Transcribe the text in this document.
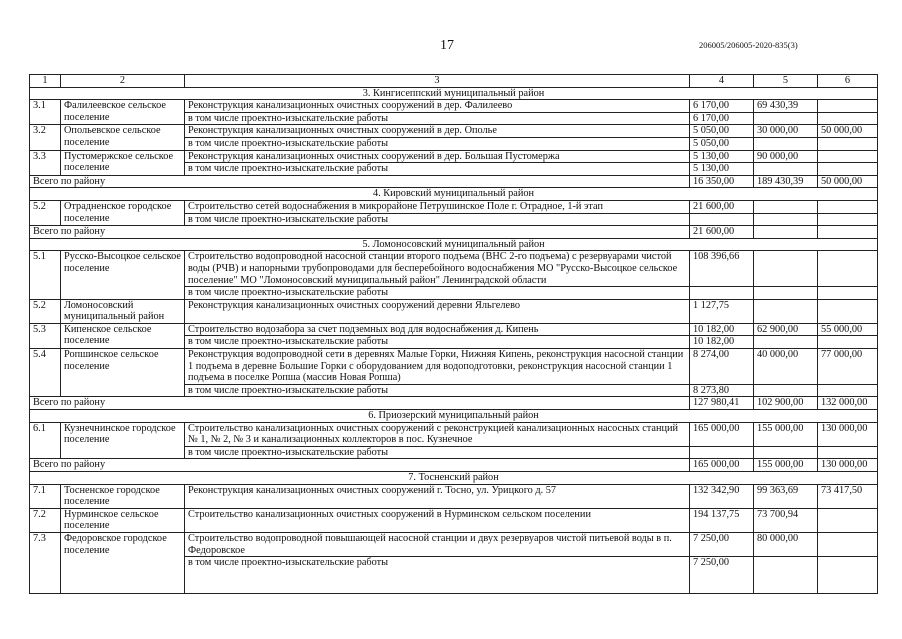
17	206005/206005-2020-835(3)
1	2	3	4	5	6
3. Кингисеппский муниципальный район					
3.1	Фалилеевское сельское поселение	Реконструкция канализационных очистных сооружений в дер. Фалилеево	6 170,00	69 430,39	
		в том числе проектно-изыскательские работы	6 170,00		
3.2	Опольевское сельское поселение	Реконструкция канализационных очистных сооружений в дер. Ополье	5 050,00	30 000,00	50 000,00
		в том числе проектно-изыскательские работы	5 050,00		
3.3	Пустомержское сельское поселение	Реконструкция канализационных очистных сооружений в дер. Большая Пустомержа	5 130,00	90 000,00	
		в том числе проектно-изыскательские работы	5 130,00		
Всего по району			16 350,00	189 430,39	50 000,00
4. Кировский муниципальный район					
5.2	Отрадненское городское поселение	Строительство сетей водоснабжения в микрорайоне Петрушинское Поле г. Отрадное, 1-й этап	21 600,00		
		в том числе проектно-изыскательские работы			
Всего по району			21 600,00		
5. Ломоносовский муниципальный район					
5.1	Русско-Высоцкое сельское поселение	Строительство водопроводной насосной станции второго подъема (ВНС 2-го подъема) с резервуарами чистой воды (РЧВ) и напорными трубопроводами для бесперебойного водоснабжения МО "Русско-Высоцкое сельское поселение" МО "Ломоносовский муниципальный район" Ленинградской области	108 396,66		
		в том числе проектно-изыскательские работы			
5.2	Ломоносовский муниципальный район	Реконструкция канализационных очистных сооружений деревни Яльгелево	1 127,75		
5.3	Кипенское сельское поселение	Строительство водозабора за счет подземных вод для водоснабжения д. Кипень	10 182,00	62 900,00	55 000,00
		в том числе проектно-изыскательские работы	10 182,00		
5.4	Ропшинское сельское поселение	Реконструкция водопроводной сети в деревнях Малые Горки, Нижняя Кипень, реконструкция насосной станции 1 подъема в деревне Большие Горки с оборудованием для водоподготовки, реконструкция насосной станции 1 подъема в поселке Ропша (массив Новая Ропша)	8 274,00	40 000,00	77 000,00
		в том числе проектно-изыскательские работы	8 273,80		
Всего по району			127 980,41	102 900,00	132 000,00
6. Приозерский муниципальный район					
6.1	Кузнечнинское городское поселение	Строительство канализационных очистных сооружений с реконструкцией канализационных насосных станций № 1, № 2, № 3 и канализационных коллекторов в пос. Кузнечное	165 000,00	155 000,00	130 000,00
		в том числе проектно-изыскательские работы			
Всего по району			165 000,00	155 000,00	130 000,00
7. Тосненский район					
7.1	Тосненское городское поселение	Реконструкция канализационных очистных сооружений г. Тосно, ул. Урицкого д. 57	132 342,90	99 363,69	73 417,50
7.2	Нурминское сельское поселение	Строительство канализационных очистных сооружений в Нурминском сельском поселении	194 137,75	73 700,94	
7.3	Федоровское городское поселение	Строительство водопроводной повышающей насосной станции и двух резервуаров чистой питьевой воды в п. Федоровское	7 250,00	80 000,00	
		в том числе проектно-изыскательские работы	7 250,00		
